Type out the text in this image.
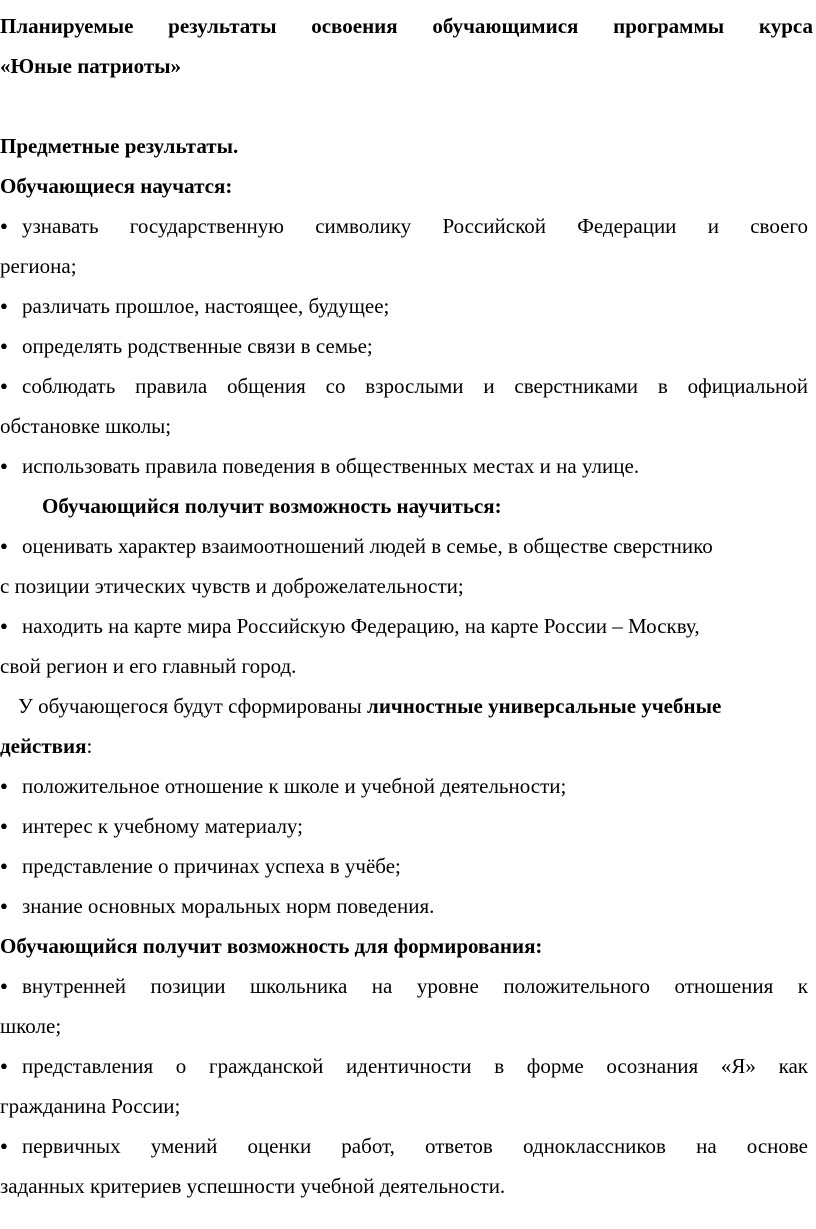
Планируемые результаты освоения обучающимися программы курса
«Юные патриоты»
Предметные результаты.
Обучающиеся научатся:
● узнавать государственную символику Российской Федерации и своего
региона;
● различать прошлое, настоящее, будущее;
● определять родственные связи в семье;
● соблюдать правила общения со взрослыми и сверстниками в официальной
обстановке школы;
● использовать правила поведения в общественных местах и на улице.
Обучающийся получит возможность научиться:
● оценивать характер взаимоотношений людей в семье, в обществе сверстнико
с позиции этических чувств и доброжелательности;
● находить на карте мира Российскую Федерацию, на карте России – Москву,
свой регион и его главный город.
У обучающегося будут сформированы личностные универсальные учебные
действия:
● положительное отношение к школе и учебной деятельности;
● интерес к учебному материалу;
● представление о причинах успеха в учёбе;
● знание основных моральных норм поведения.
Обучающийся получит возможность для формирования:
● внутренней позиции школьника на уровне положительного отношения к
школе;
● представления о гражданской идентичности в форме осознания «Я» как
гражданина России;
● первичных умений оценки работ, ответов одноклассников на основе
заданных критериев успешности учебной деятельности.
